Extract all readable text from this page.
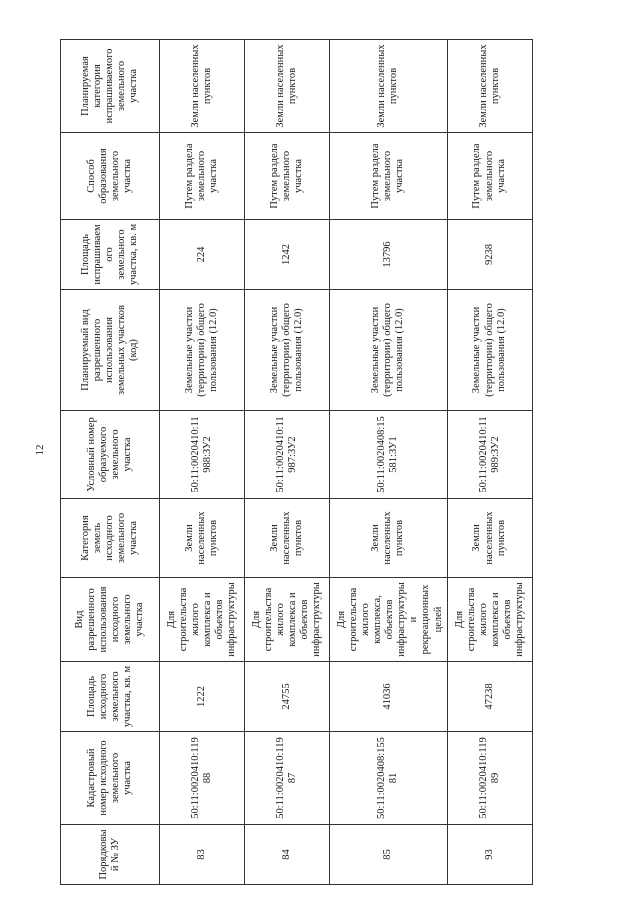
12
Порядковый № ЗУ	Кадастровый номер исходного земельного участка	Площадь исходного земельного участка, кв. м	Вид разрешенного использования исходного земельного участка	Категория земель исходного земельного участка	Условный номер образуемого земельного участка	Планируемый вид разрешенного использования земельных участков (код)	Площадь испрашиваемого земельного участка, кв. м	Способ образования земельного участка	Планируемая категория испрашиваемого земельного участка
83	50:11:0020410:11988	1222	Для строительства жилого комплекса и объектов инфраструктуры	Земли населенных пунктов	50:11:0020410:11988:ЗУ2	Земельные участки (территории) общего пользования (12.0)	224	Путем раздела земельного участка	Земли населенных пунктов
84	50:11:0020410:11987	24755	Для строительства жилого комплекса и объектов инфраструктуры	Земли населенных пунктов	50:11:0020410:11987:ЗУ2	Земельные участки (территории) общего пользования (12.0)	1242	Путем раздела земельного участка	Земли населенных пунктов
85	50:11:0020408:15581	41036	Для строительства жилого комплекса, объектов инфраструктуры и рекреационных целей	Земли населенных пунктов	50:11:0020408:15581:ЗУ1	Земельные участки (территории) общего пользования (12.0)	13796	Путем раздела земельного участка	Земли населенных пунктов
93	50:11:0020410:11989	47238	Для строительства жилого комплекса и объектов инфраструктуры	Земли населенных пунктов	50:11:0020410:11989:ЗУ2	Земельные участки (территории) общего пользования (12.0)	9238	Путем раздела земельного участка	Земли населенных пунктов
